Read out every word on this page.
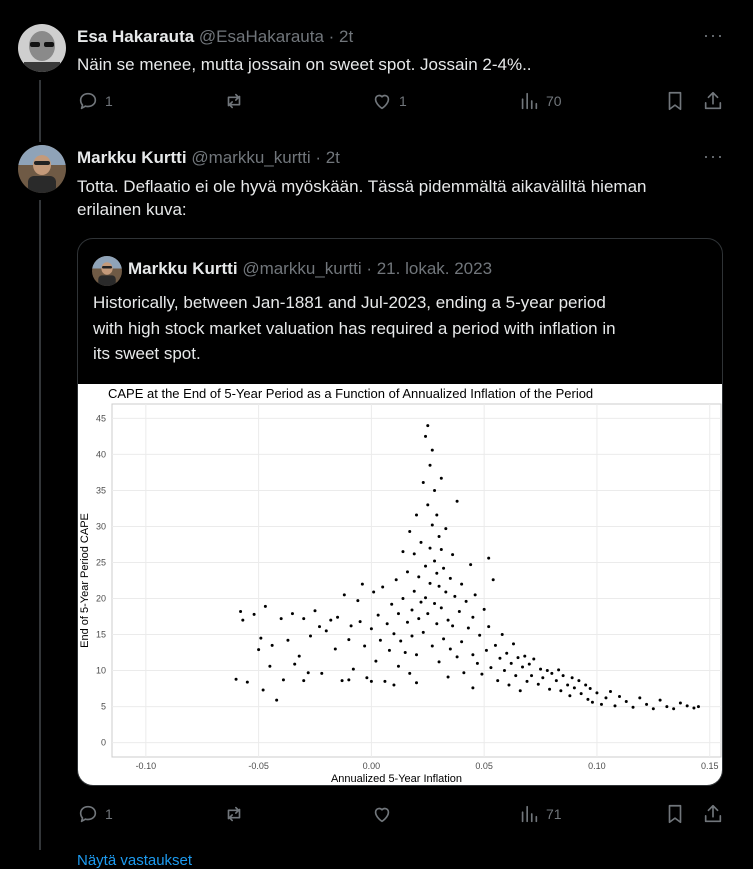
Esa Hakarauta @EsaHakarauta · 2t	···
Näin se menee, mutta jossain on sweet spot. Jossain 2-4%..
1	1	70
Markku Kurtti @markku_kurtti · 2t	···
Totta. Deflaatio ei ole hyvä myöskään. Tässä pidemmältä aikaväliltä hieman
erilainen kuva:
Markku Kurtti @markku_kurtti · 21. lokak. 2023
Historically, between Jan-1881 and Jul-2023, ending a 5-year period
with high stock market valuation has required a period with inflation in
its sweet spot.
0
5
10
15
20
25
30
35
40
45
-0.10	-0.05	0.00	0.05	0.10	0.15
CAPE at the End of 5-Year Period as a Function of Annualized Inflation of the Period
Annualized 5-Year Inflation
End of 5-Year Period CAPE
1	71
Näytä vastaukset
